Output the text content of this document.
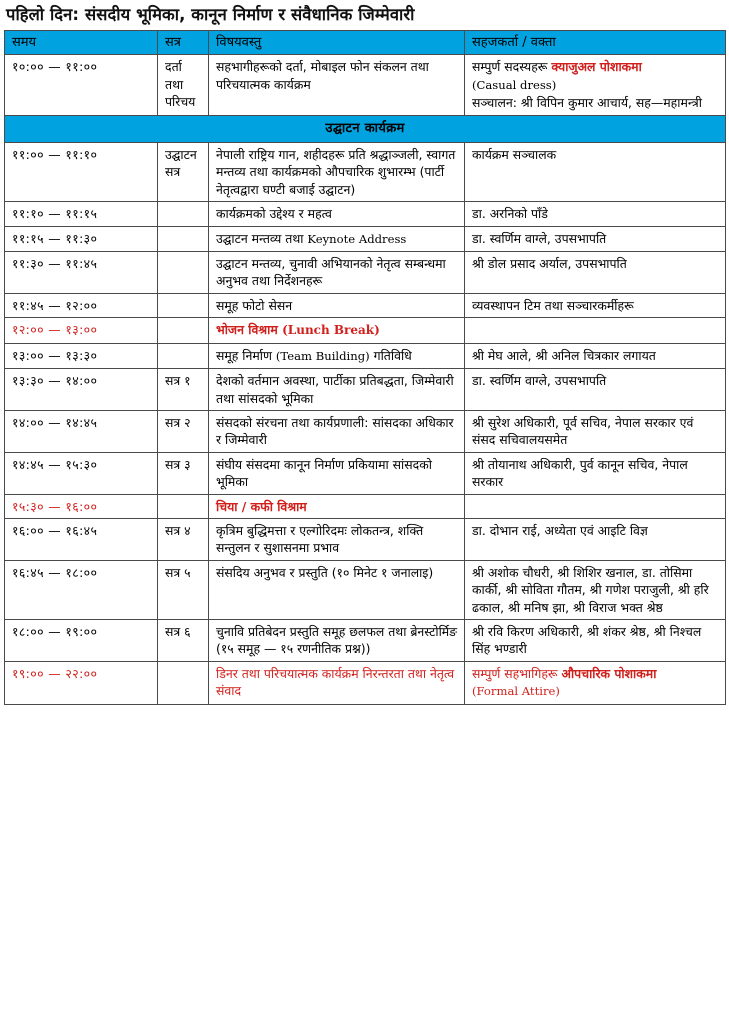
पहिलो दिन: संसदीय भूमिका, कानून निर्माण र संवैधानिक जिम्मेवारी
समय	सत्र	विषयवस्तु	सहजकर्ता / वक्ता
१०:०० — ११:००	दर्ता तथा परिचय	सहभागीहरूको दर्ता, मोबाइल फोन संकलन तथा परिचयात्मक कार्यक्रम	सम्पुर्ण सदस्यहरू क्याजुअल पोशाकमा
(Casual dress)
सञ्चालन: श्री विपिन कुमार आचार्य, सह—महामन्त्री
उद्घाटन कार्यक्रम			
११:०० — ११:१०	उद्घाटन सत्र	नेपाली राष्ट्रिय गान, शहीदहरू प्रति श्रद्धाञ्जली, स्वागत मन्तव्य तथा कार्यक्रमको औपचारिक शुभारम्भ (पार्टी नेतृत्वद्वारा घण्टी बजाई उद्घाटन)	कार्यक्रम सञ्चालक
११:१० — ११:१५		कार्यक्रमको उद्देश्य र महत्व	डा. अरनिको पाँडे
११:१५ — ११:३०		उद्घाटन मन्तव्य तथा Keynote Address	डा. स्वर्णिम वाग्ले, उपसभापति
११:३० — ११:४५		उद्घाटन मन्तव्य, चुनावी अभियानको नेतृत्व सम्बन्धमा अनुभव तथा निर्देशनहरू	श्री डोल प्रसाद अर्याल, उपसभापति
११:४५ — १२:००		समूह फोटो सेसन	व्यवस्थापन टिम तथा सञ्चारकर्मीहरू
१२:०० — १३:००		भोजन विश्राम (Lunch Break)	
१३:०० — १३:३०		समूह निर्माण (Team Building) गतिविधि	श्री मेघ आले, श्री अनिल चित्रकार लगायत
१३:३० — १४:००	सत्र १	देशको वर्तमान अवस्था, पार्टीका प्रतिबद्धता, जिम्मेवारी तथा सांसदको भूमिका	डा. स्वर्णिम वाग्ले, उपसभापति
१४:०० — १४:४५	सत्र २	संसदको संरचना तथा कार्यप्रणाली: सांसदका अधिकार र जिम्मेवारी	श्री सुरेश अधिकारी, पूर्व सचिव, नेपाल सरकार एवं संसद सचिवालयसमेत
१४:४५ — १५:३०	सत्र ३	संघीय संसदमा कानून निर्माण प्रकियामा सांसदको भूमिका	श्री तोयानाथ अधिकारी, पुर्व कानून सचिव, नेपाल सरकार
१५:३० — १६:००		चिया / कफी विश्राम	
१६:०० — १६:४५	सत्र ४	कृत्रिम बुद्धिमत्ता र एल्गोरिदमः लोकतन्त्र, शक्ति सन्तुलन र सुशासनमा प्रभाव	डा. दोभान राई, अध्येता एवं आइटि विज्ञ
१६:४५ — १८:००	सत्र ५	संसदिय अनुभव र प्रस्तुति (१० मिनेट १ जनालाइ)	श्री अशोक चौधरी, श्री शिशिर खनाल, डा. तोसिमा कार्की, श्री सोविता गौतम, श्री गणेश पराजुली, श्री हरि ढकाल, श्री मनिष झा, श्री विराज भक्त श्रेष्ठ
१८:०० — १९:००	सत्र ६	चुनावि प्रतिबेदन प्रस्तुति समूह छलफल तथा ब्रेनस्टोर्मिङ (१५ समूह — १५ रणनीतिक प्रश्न))	श्री रवि किरण अधिकारी, श्री शंकर श्रेष्ठ, श्री निश्चल सिंह भण्डारी
१९:०० — २२:००		डिनर तथा परिचयात्मक कार्यक्रम निरन्तरता तथा नेतृत्व संवाद	सम्पुर्ण सहभागिहरू औपचारिक पोशाकमा
(Formal Attire)
